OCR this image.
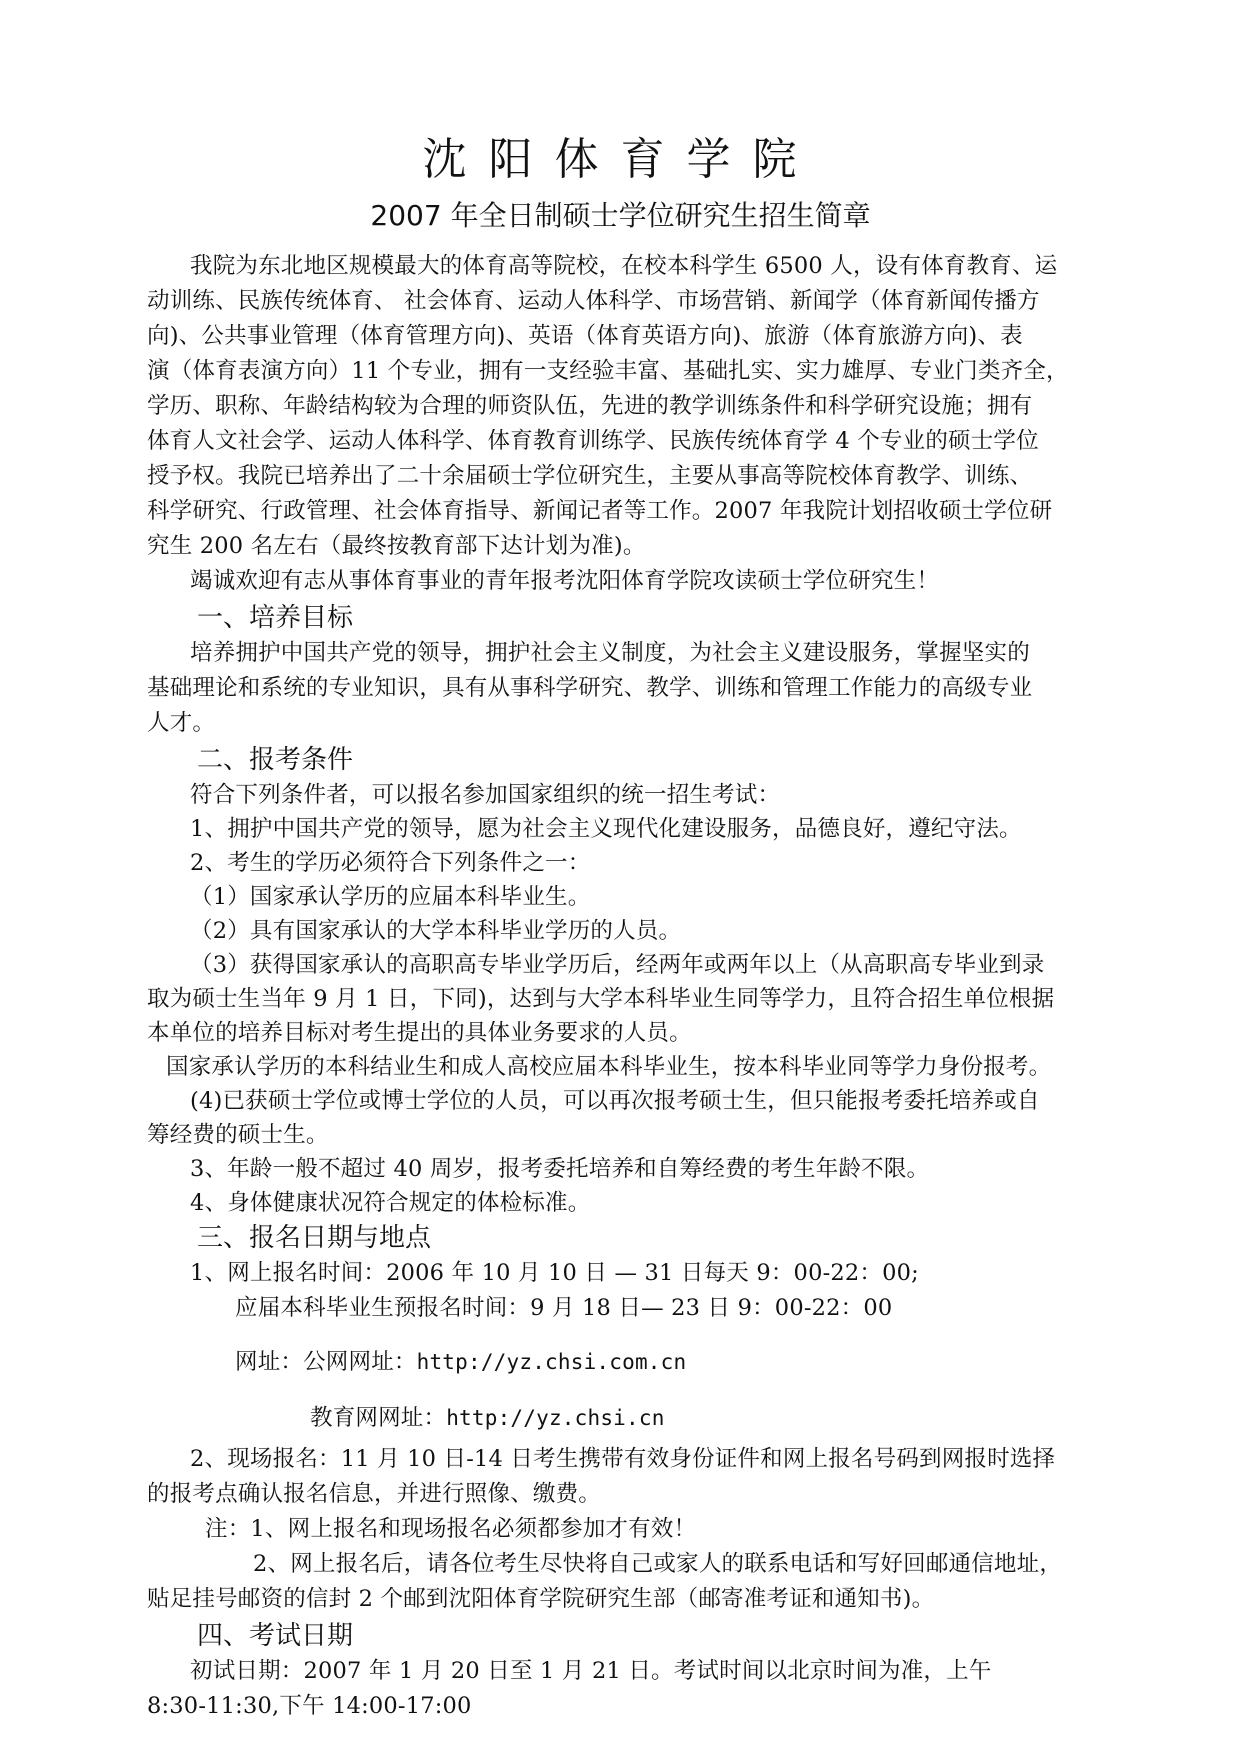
沈阳体育学院
2007 年全日制硕士学位研究生招生简章
我院为东北地区规模最大的体育高等院校，在校本科学生 6500 人，设有体育教育、运
动训练、民族传统体育、 社会体育、运动人体科学、市场营销、新闻学（体育新闻传播方
向)、公共事业管理（体育管理方向)、英语（体育英语方向)、旅游（体育旅游方向)、表
演（体育表演方向）11 个专业，拥有一支经验丰富、基础扎实、实力雄厚、专业门类齐全，
学历、职称、年龄结构较为合理的师资队伍，先进的教学训练条件和科学研究设施；拥有
体育人文社会学、运动人体科学、体育教育训练学、民族传统体育学 4 个专业的硕士学位
授予权。我院已培养出了二十余届硕士学位研究生，主要从事高等院校体育教学、训练、
科学研究、行政管理、社会体育指导、新闻记者等工作。2007 年我院计划招收硕士学位研
究生 200 名左右（最终按教育部下达计划为准)。
竭诚欢迎有志从事体育事业的青年报考沈阳体育学院攻读硕士学位研究生！
一、培养目标
培养拥护中国共产党的领导，拥护社会主义制度，为社会主义建设服务，掌握坚实的
基础理论和系统的专业知识，具有从事科学研究、教学、训练和管理工作能力的高级专业
人才。
二、报考条件
符合下列条件者，可以报名参加国家组织的统一招生考试：
1、拥护中国共产党的领导，愿为社会主义现代化建设服务，品德良好，遵纪守法。
2、考生的学历必须符合下列条件之一：
（1）国家承认学历的应届本科毕业生。
（2）具有国家承认的大学本科毕业学历的人员。
（3）获得国家承认的高职高专毕业学历后，经两年或两年以上（从高职高专毕业到录
取为硕士生当年 9 月 1 日，下同)，达到与大学本科毕业生同等学力，且符合招生单位根据
本单位的培养目标对考生提出的具体业务要求的人员。
国家承认学历的本科结业生和成人高校应届本科毕业生，按本科毕业同等学力身份报考。
(4)已获硕士学位或博士学位的人员，可以再次报考硕士生，但只能报考委托培养或自
筹经费的硕士生。
3、年龄一般不超过 40 周岁，报考委托培养和自筹经费的考生年龄不限。
4、身体健康状况符合规定的体检标准。
三、报名日期与地点
1、网上报名时间：2006 年 10 月 10 日 — 31 日每天 9：00-22：00;
应届本科毕业生预报名时间：9 月 18 日— 23 日 9：00-22：00
网址：公网网址：http://yz.chsi.com.cn
教育网网址：http://yz.chsi.cn
2、现场报名：11 月 10 日-14 日考生携带有效身份证件和网上报名号码到网报时选择
的报考点确认报名信息，并进行照像、缴费。
注：1、网上报名和现场报名必须都参加才有效！
2、网上报名后，请各位考生尽快将自己或家人的联系电话和写好回邮通信地址，
贴足挂号邮资的信封 2 个邮到沈阳体育学院研究生部（邮寄准考证和通知书)。
四、考试日期
初试日期：2007 年 1 月 20 日至 1 月 21 日。考试时间以北京时间为准，上午
8:30-11:30,下午 14:00-17:00
